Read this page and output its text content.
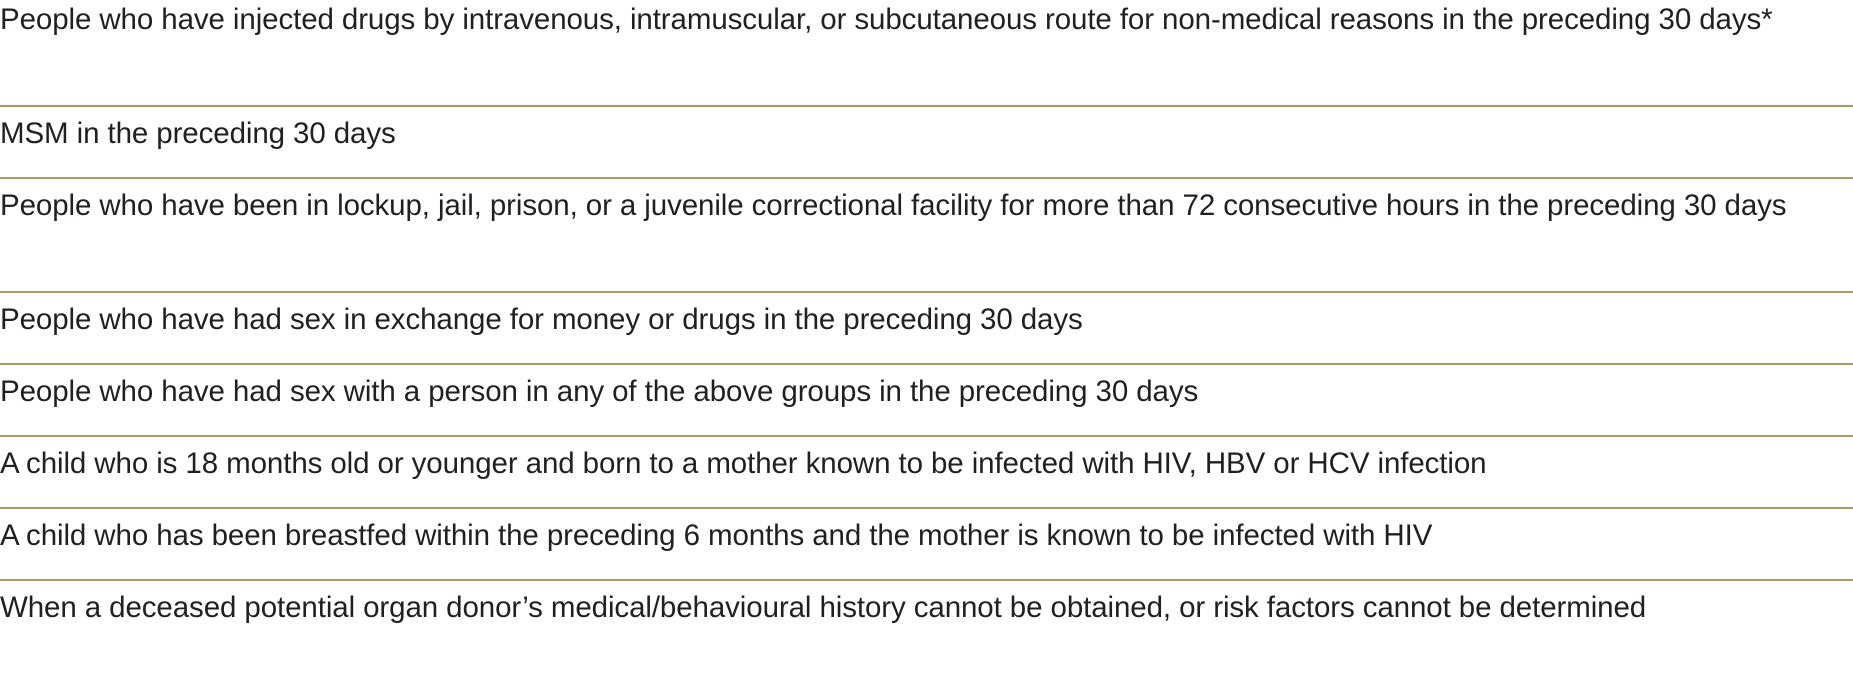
People who have injected drugs by intravenous, intramuscular, or subcutaneous route for non-medical reasons in the preceding 30 days*
MSM in the preceding 30 days
People who have been in lockup, jail, prison, or a juvenile correctional facility for more than 72 consecutive hours in the preceding 30 days
People who have had sex in exchange for money or drugs in the preceding 30 days
People who have had sex with a person in any of the above groups in the preceding 30 days
A child who is 18 months old or younger and born to a mother known to be infected with HIV, HBV or HCV infection
A child who has been breastfed within the preceding 6 months and the mother is known to be infected with HIV
When a deceased potential organ donor’s medical/behavioural history cannot be obtained, or risk factors cannot be determined
